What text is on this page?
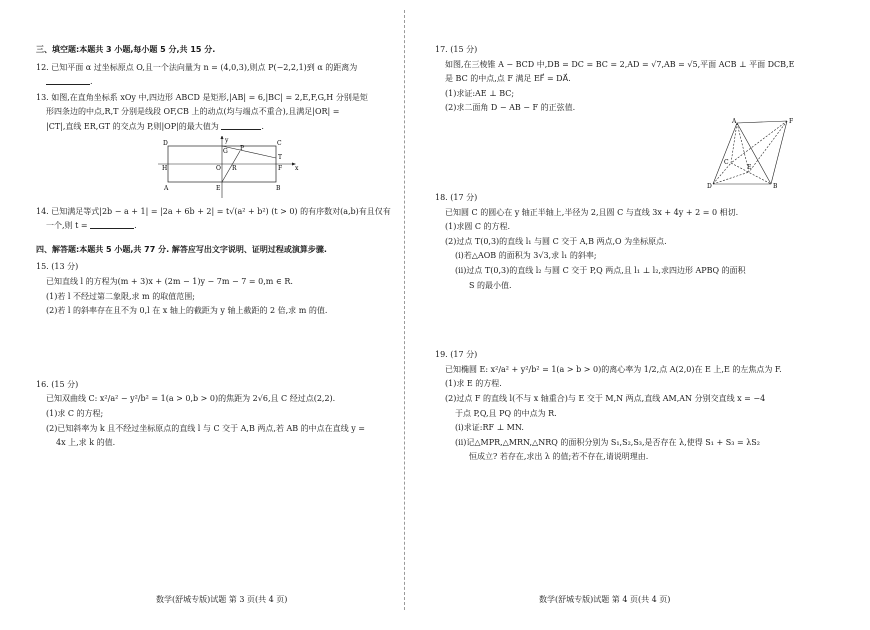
三、填空题:本题共 3 小题,每小题 5 分,共 15 分.

12. 已知平面 α 过坐标原点 O,且一个法向量为 n = (4,0,3),则点 P(−2,2,1)到 α 的距离为

.

13. 如图,在直角坐标系 xOy 中,四边形 ABCD 是矩形,|AB| = 6,|BC| = 2,E,F,G,H 分别是矩

形四条边的中点,R,T 分别是线段 OF,CB 上的动点(均与端点不重合),且满足|OR| =

|CT|,直线 ER,GT 的交点为 P,则|OP|的最大值为	.

D
G
C
y
P
T
H	O R	F x
A	E	B

14. 已知满足等式|2b − a + 1| = |2a + 6b + 2| = t√(a² + b²) (t > 0) 的有序数对(a,b)有且仅有

一个,则 t =	.

四、解答题:本题共 5 小题,共 77 分. 解答应写出文字说明、证明过程或演算步骤.

15. (13 分)

已知直线 l 的方程为(m + 3)x + (2m − 1)y − 7m − 7 = 0,m ∈ R.

(1)若 l 不经过第二象限,求 m 的取值范围;

(2)若 l 的斜率存在且不为 0,l 在 x 轴上的截距为 y 轴上截距的 2 倍,求 m 的值.

16. (15 分)

已知双曲线 C: x²/a² − y²/b² = 1(a > 0,b > 0)的焦距为 2√6,且 C 经过点(2,2).

(1)求 C 的方程;

(2)已知斜率为 k 且不经过坐标原点的直线 l 与 C 交于 A,B 两点,若 AB 的中点在直线 y =

4x 上,求 k 的值.

数学(舒城专版)试题 第 3 页(共 4 页)

17. (15 分)

如图,在三棱锥 A − BCD 中,DB = DC = BC = 2,AD = √7,AB = √5,平面 ACB ⊥ 平面 DCB,E

是 BC 的中点,点 F 满足 EF⃗ = DA⃗.

(1)求证:AE ⊥ BC;

(2)求二面角 D − AB − F 的正弦值.

A	F
C
E
D	B

18. (17 分)

已知圆 C 的圆心在 y 轴正半轴上,半径为 2,且圆 C 与直线 3x + 4y + 2 = 0 相切.

(1)求圆 C 的方程.

(2)过点 T(0,3)的直线 l₁ 与圆 C 交于 A,B 两点,O 为坐标原点.

(ⅰ)若△AOB 的面积为 3√3,求 l₁ 的斜率;

(ⅱ)过点 T(0,3)的直线 l₂ 与圆 C 交于 P,Q 两点,且 l₁ ⊥ l₂,求四边形 APBQ 的面积

S 的最小值.

19. (17 分)

已知椭圆 E: x²/a² + y²/b² = 1(a > b > 0)的离心率为 1/2,点 A(2,0)在 E 上,E 的左焦点为 F.

(1)求 E 的方程.

(2)过点 F 的直线 l(不与 x 轴重合)与 E 交于 M,N 两点,直线 AM,AN 分别交直线 x = −4

于点 P,Q,且 PQ 的中点为 R.

(ⅰ)求证:RF ⊥ MN.

(ⅱ)记△MPR,△MRN,△NRQ 的面积分别为 S₁,S₂,S₃,是否存在 λ,使得 S₁ + S₃ = λS₂

恒成立? 若存在,求出 λ 的值;若不存在,请说明理由.

数学(舒城专版)试题 第 4 页(共 4 页)
